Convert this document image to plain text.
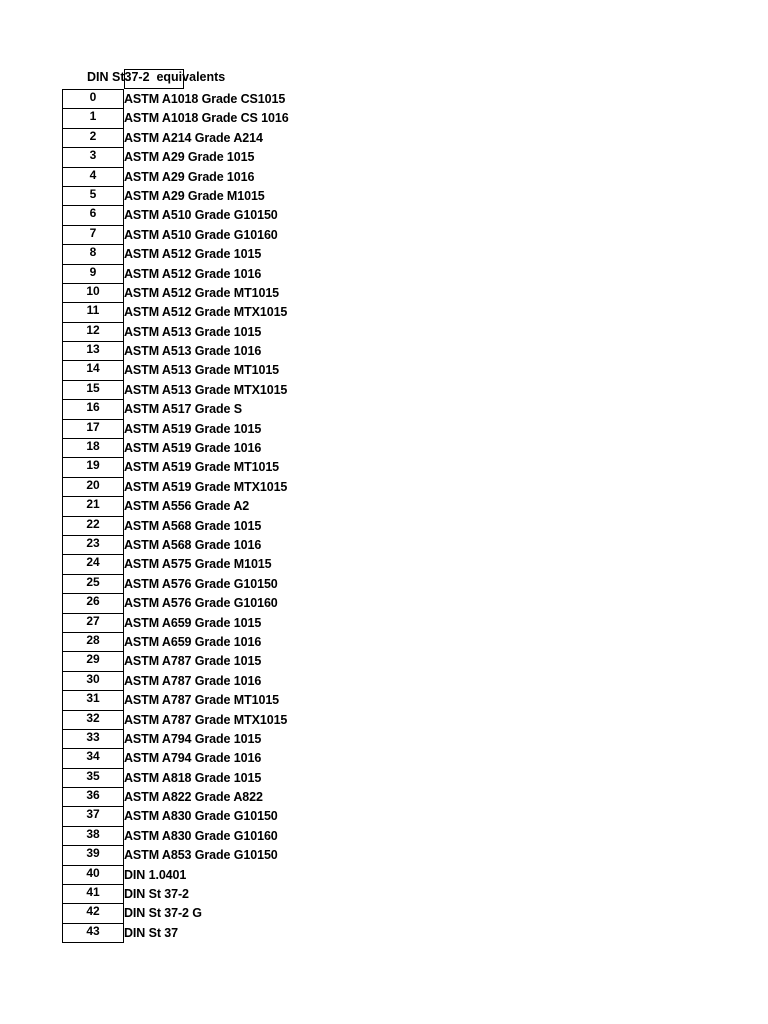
DIN St37-2  equivalents
0	ASTM A1018 Grade CS1015
1	ASTM A1018 Grade CS 1016
2	ASTM A214 Grade A214
3	ASTM A29 Grade 1015
4	ASTM A29 Grade 1016
5	ASTM A29 Grade M1015
6	ASTM A510 Grade G10150
7	ASTM A510 Grade G10160
8	ASTM A512 Grade 1015
9	ASTM A512 Grade 1016
10	ASTM A512 Grade MT1015
11	ASTM A512 Grade MTX1015
12	ASTM A513 Grade 1015
13	ASTM A513 Grade 1016
14	ASTM A513 Grade MT1015
15	ASTM A513 Grade MTX1015
16	ASTM A517 Grade S
17	ASTM A519 Grade 1015
18	ASTM A519 Grade 1016
19	ASTM A519 Grade MT1015
20	ASTM A519 Grade MTX1015
21	ASTM A556 Grade A2
22	ASTM A568 Grade 1015
23	ASTM A568 Grade 1016
24	ASTM A575 Grade M1015
25	ASTM A576 Grade G10150
26	ASTM A576 Grade G10160
27	ASTM A659 Grade 1015
28	ASTM A659 Grade 1016
29	ASTM A787 Grade 1015
30	ASTM A787 Grade 1016
31	ASTM A787 Grade MT1015
32	ASTM A787 Grade MTX1015
33	ASTM A794 Grade 1015
34	ASTM A794 Grade 1016
35	ASTM A818 Grade 1015
36	ASTM A822 Grade A822
37	ASTM A830 Grade G10150
38	ASTM A830 Grade G10160
39	ASTM A853 Grade G10150
40	DIN 1.0401
41	DIN St 37-2
42	DIN St 37-2 G
43	DIN St 37
